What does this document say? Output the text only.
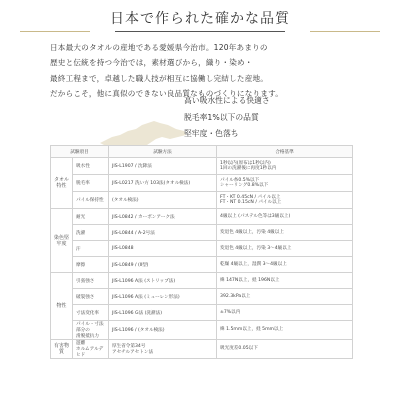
日本で作られた確かな品質

日本最大のタオルの産地である愛媛県今治市。120年あまりの

歴史と伝統を持つ今治では，素材選びから，織り・染め・

最終工程まで，卓越した職人技が相互に協働し完結した産地。

だからこそ，他に真似のできない良品質なものづくりになります。

高い吸水性による快適さ

脱毛率1%以下の品質

堅牢度・色落ち

試験項目		試験方法	合格基準
タオル特性	吸水性	JIS-L1907 / 沈降法	1秒以内(原布は1秒以内)
1回の洗濯後に再度1秒以内
	脱毛率	JIS-L0217 洗い方 103法(タオル検法)	パイル糸0.5%以下
シャーリング0.8%以下
	パイル保持性	(タオル検法)	FT・KT 0.45cN / パイル以上
FT・NT 0.15cN / パイル以上
染色堅牢度	耐光	JIS-L0842 / カーボンアーク法	4級以上 (パステル色等は3級以上)
	洗濯	JIS-L0844 / A-2号法	変退色 4級以上，汚染 4級以上
	汗	JIS-L0848	変退色 4級以上，汚染 3〜4級以上
	摩擦	JIS-L0849 / (Ⅱ型)	乾燥 4級以上，湿潤 3〜4級以上
物性	引張強さ	JIS-L1096 A法 (ストリップ法)	緯 147N以上，経 196N以上
	破裂強さ	JIS-L1096 A法 (ミューレン形法)	392.3kPa以上
	寸法変化率	JIS-L1096 G法 (洗濯法)	±7%以内
	パイル・寸法部分の
滑脱抵抗力	JIS-L1096 / (タオル検法)	緯 1.5mm以上，経 5mm以上
有害物質	遊離
ホルムアルデヒド	厚生省令第34号
アセチルアセトン法	吸光度差0.05以下
